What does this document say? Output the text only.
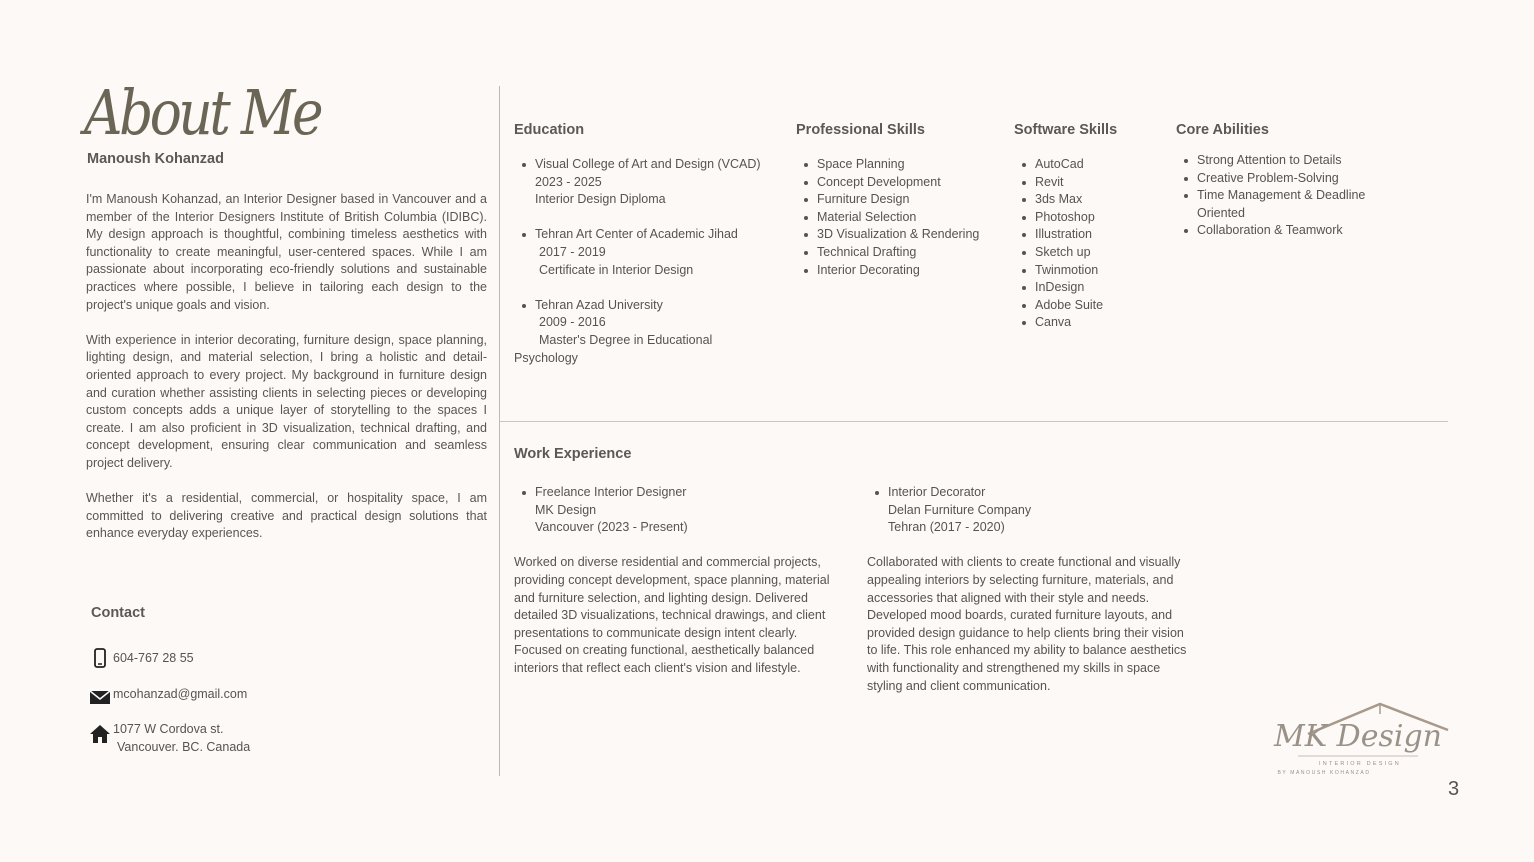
About Me
Manoush Kohanzad

I'm Manoush Kohanzad, an Interior Designer based in Vancouver and a member of the Interior Designers Institute of British Columbia (IDIBC). My design approach is thoughtful, combining timeless aesthetics with functionality to create meaningful, user-centered spaces. While I am passionate about incorporating eco-friendly solutions and sustainable practices where possible, I believe in tailoring each design to the project's unique goals and vision.

With experience in interior decorating, furniture design, space planning, lighting design, and material selection, I bring a holistic and detail-oriented approach to every project. My background in furniture design and curation whether assisting clients in selecting pieces or developing custom concepts adds a unique layer of storytelling to the spaces I create. I am also proficient in 3D visualization, technical drafting, and concept development, ensuring clear communication and seamless project delivery.

Whether it's a residential, commercial, or hospitality space, I am committed to delivering creative and practical design solutions that enhance everyday experiences.

Contact
604-767 28 55
mcohanzad@gmail.com
1077 W Cordova st.
Vancouver. BC. Canada
Education
Visual College of Art and Design (VCAD)
2023 - 2025
Interior Design Diploma
Tehran Art Center of Academic Jihad
2017 - 2019
Certificate in Interior Design
Tehran Azad University
2009 - 2016
Master's Degree in Educational
Psychology
Professional Skills
Space Planning
Concept Development
Furniture Design
Material Selection
3D Visualization & Rendering
Technical Drafting
Interior Decorating
Software Skills
AutoCad
Revit
3ds Max
Photoshop
Illustration
Sketch up
Twinmotion
InDesign
Adobe Suite
Canva
Core Abilities
Strong Attention to Details
Creative Problem-Solving
Time Management & Deadline
Oriented
Collaboration & Teamwork
Work Experience
Freelance Interior Designer
MK Design
Vancouver (2023 - Present)
Worked on diverse residential and commercial projects,
providing concept development, space planning, material
and furniture selection, and lighting design. Delivered
detailed 3D visualizations, technical drawings, and client
presentations to communicate design intent clearly.
Focused on creating functional, aesthetically balanced
interiors that reflect each client's vision and lifestyle.
Interior Decorator
Delan Furniture Company
Tehran (2017 - 2020)
Collaborated with clients to create functional and visually
appealing interiors by selecting furniture, materials, and
accessories that aligned with their style and needs.
Developed mood boards, curated furniture layouts, and
provided design guidance to help clients bring their vision
to life. This role enhanced my ability to balance aesthetics
with functionality and strengthened my skills in space
styling and client communication.
MK Design
INTERIOR DESIGN
BY MANOUSH KOHANZAD
3
